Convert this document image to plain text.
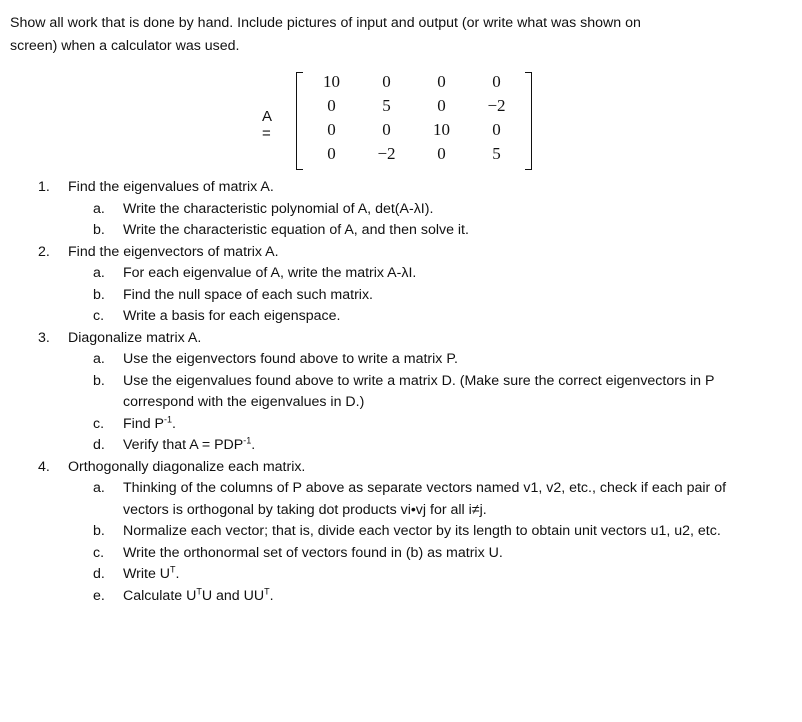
Show all work that is done by hand. Include pictures of input and output (or write what was shown on
screen) when a calculator was used.
A =
10	0	0	0
0	5	0	−2
0	0	10	0
0	−2	0	5
1. Find the eigenvalues of matrix A.
a. Write the characteristic polynomial of A, det(A-λI).
b. Write the characteristic equation of A, and then solve it.
2. Find the eigenvectors of matrix A.
a. For each eigenvalue of A, write the matrix A-λI.
b. Find the null space of each such matrix.
c. Write a basis for each eigenspace.
3. Diagonalize matrix A.
a. Use the eigenvectors found above to write a matrix P.
b. Use the eigenvalues found above to write a matrix D. (Make sure the correct eigenvectors in P correspond with the eigenvalues in D.)
c. Find $P^{-1}$.
d. Verify that $A = PDP^{-1}$.
4. Orthogonally diagonalize each matrix.
a. Thinking of the columns of P above as separate vectors named v1, v2, etc., check if each pair of vectors is orthogonal by taking dot products vi•vj for all i≠j.
b. Normalize each vector; that is, divide each vector by its length to obtain unit vectors u1, u2, etc.
c. Write the orthonormal set of vectors found in (b) as matrix U.
d. Write $U^T$.
e. Calculate $U^TU$ and $UU^T$.
